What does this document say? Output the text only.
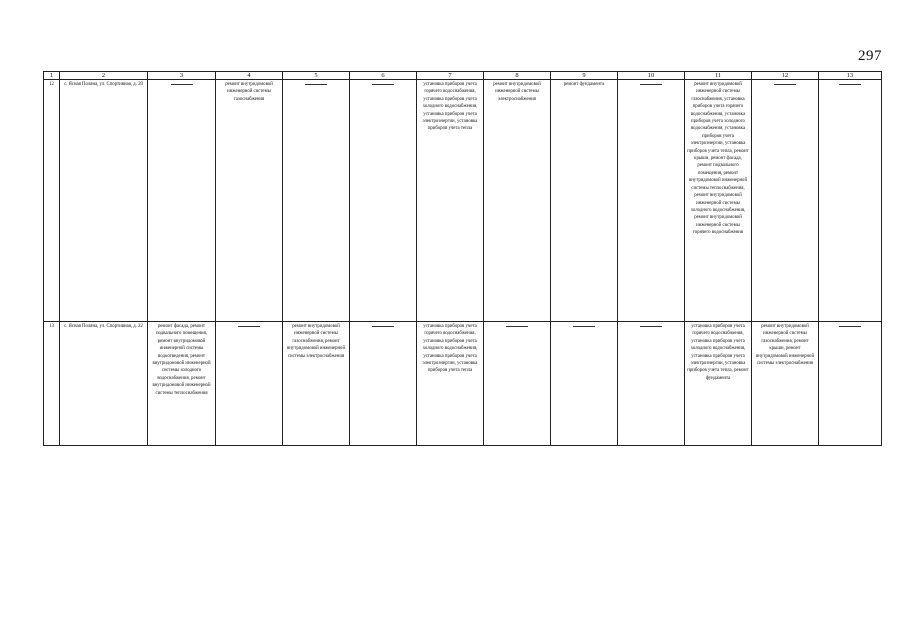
297
1	2	3	4	5	6	7	8	9	10	11	12	13
12	с. Ясная Поляна, ул. Спортивная, д. 20		ремонт внутридомовой инженерной системы газоснабжения			установка приборов учета горячего водоснабжения, установка приборов учета холодного водоснабжения, установка приборов учета электроэнергии, установка приборов учета тепла	ремонт внутридомовой инженерной системы электроснабжения	ремонт фундамента		ремонт внутридомовой инженерной системы газоснабжения, установка приборов учета горячего водоснабжения, установка приборов учета холодного водоснабжения, установка приборов учета электроэнергии, установка приборов учета тепла, ремонт крыши, ремонт фасада, ремонт подвального помещения, ремонт внутридомовой инженерной системы теплоснабжения, ремонт внутридомовой инженерной системы холодного водоснабжения, ремонт внутридомовой инженерной системы горячего водоснабжения		
13	с. Ясная Поляна, ул. Спортивная, д. 22	ремонт фасада, ремонт подвального помещения, ремонт внутридомовой инженерной системы водоотведения, ремонт внутридомовой инженерной системы холодного водоснабжения, ремонт внутридомовой инженерной системы теплоснабжения		ремонт внутридомовой инженерной системы газоснабжения, ремонт внутридомовой инженерной системы электроснабжения		установка приборов учета горячего водоснабжения, установка приборов учета холодного водоснабжения, установка приборов учета электроэнергии, установка приборов учета тепла				установка приборов учета горячего водоснабжения, установка приборов учета холодного водоснабжения, установка приборов учета электроэнергии, установка приборов учета тепла, ремонт фундамента	ремонт внутридомовой инженерной системы газоснабжения, ремонт крыши, ремонт внутридомовой инженерной системы электроснабжения	
